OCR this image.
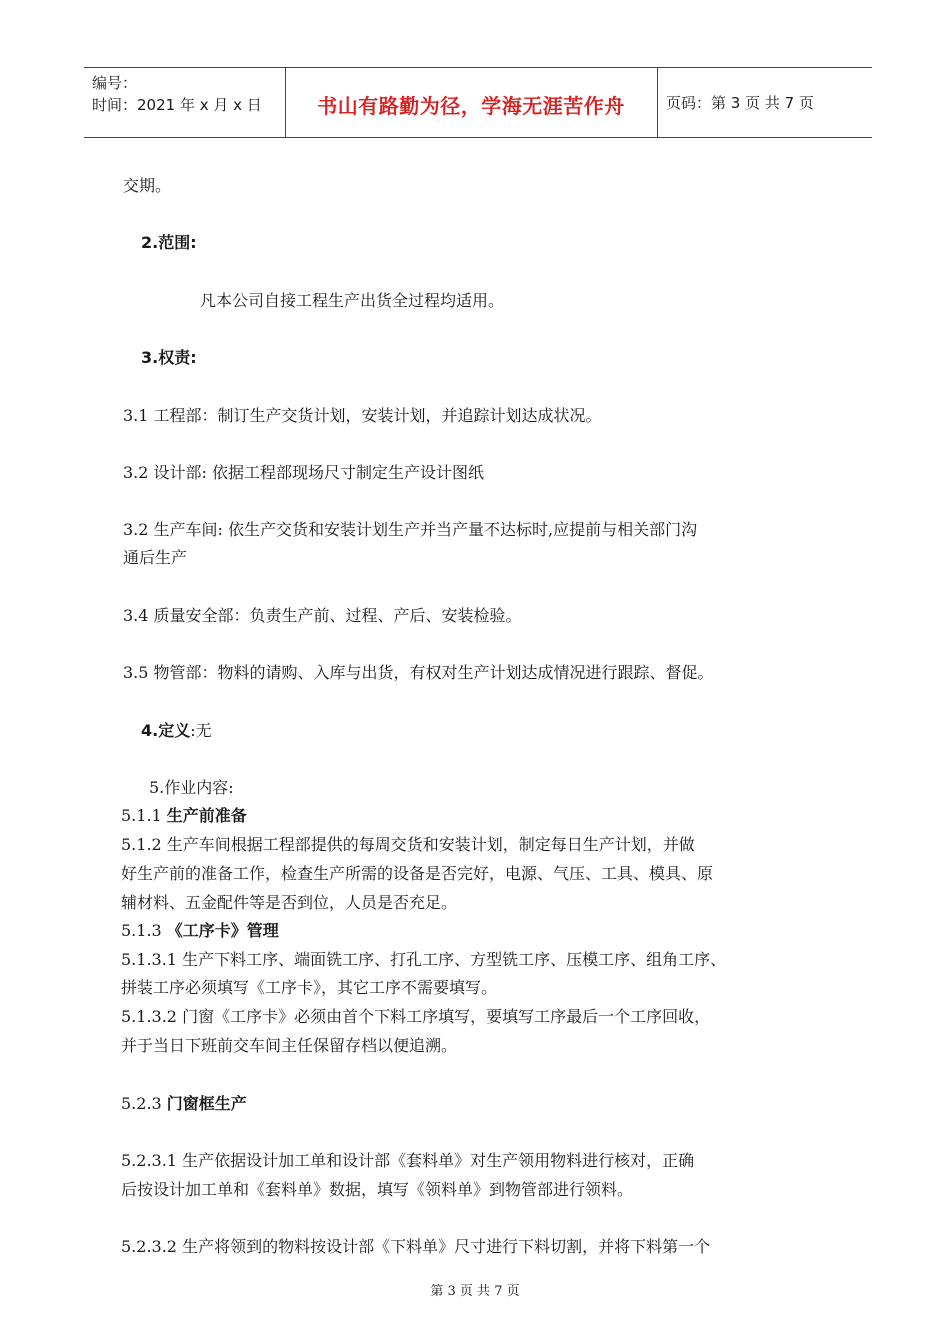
编号：
时间：2021 年 x 月 x 日	书山有路勤为径，学海无涯苦作舟	页码：第 3 页 共 7 页
交期。
2.范围:
凡本公司自接工程生产出货全过程均适用。
3.权责:
3.1 工程部：制订生产交货计划，安装计划，并追踪计划达成状况。
3.2 设计部: 依据工程部现场尺寸制定生产设计图纸
3.2 生产车间: 依生产交货和安装计划生产并当产量不达标时,应提前与相关部门沟
通后生产
3.4 质量安全部：负责生产前、过程、产后、安装检验。
3.5 物管部：物料的请购、入库与出货，有权对生产计划达成情况进行跟踪、督促。
4.定义:无
5.作业内容:
5.1.1 生产前准备
5.1.2 生产车间根据工程部提供的每周交货和安装计划，制定每日生产计划，并做
好生产前的准备工作，检查生产所需的设备是否完好，电源、气压、工具、模具、原
辅材料、五金配件等是否到位，人员是否充足。
5.1.3 《工序卡》管理
5.1.3.1 生产下料工序、端面铣工序、打孔工序、方型铣工序、压模工序、组角工序、
拼装工序必须填写《工序卡》，其它工序不需要填写。
5.1.3.2 门窗《工序卡》必须由首个下料工序填写，要填写工序最后一个工序回收，
并于当日下班前交车间主任保留存档以便追溯。
5.2.3 门窗框生产
5.2.3.1 生产依据设计加工单和设计部《套料单》对生产领用物料进行核对，正确
后按设计加工单和《套料单》数据，填写《领料单》到物管部进行领料。
5.2.3.2 生产将领到的物料按设计部《下料单》尺寸进行下料切割，并将下料第一个
第 3 页 共 7 页
